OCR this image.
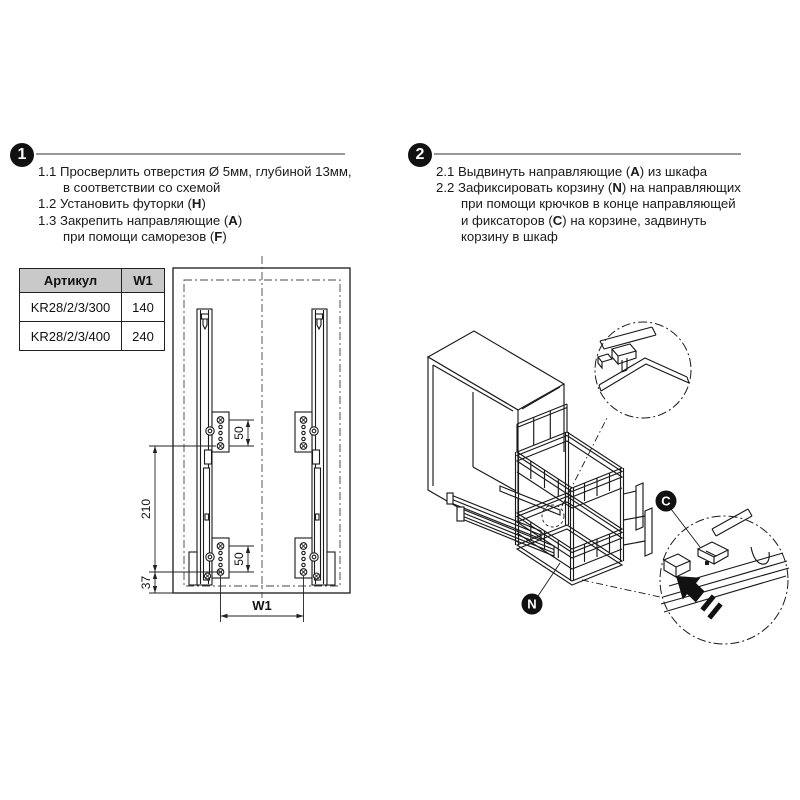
1	2
1.1 Просверлить отверстия Ø 5мм, глубиной 13мм,
в соответствии со схемой
1.2 Установить футорки (H)
1.3 Закрепить направляющие (A)
при помощи саморезов (F)
2.1 Выдвинуть направляющие (A) из шкафа
2.2 Зафиксировать корзину (N) на направляющих
при помощи крючков в конце направляющей
и фиксаторов (C) на корзине, задвинуть
корзину в шкаф
Артикул	W1
KR28/2/3/300	140
KR28/2/3/400	240
50
50
210
37
W1	N
C
